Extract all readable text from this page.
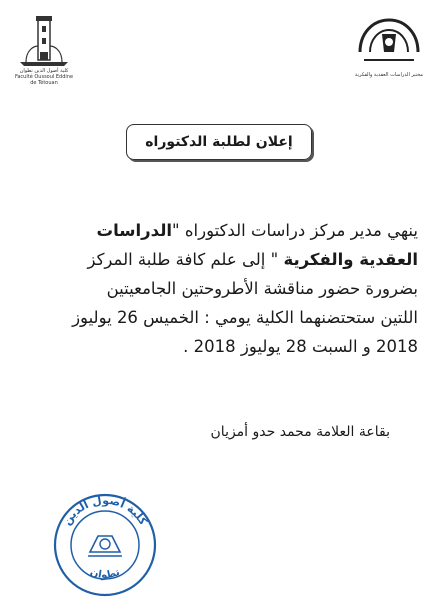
كلية أصول الدين تطوان
Faculté Oussoul Eddine de Tétouan
مختبر الدراسات العقدية والفكرية
إعلان لطلبة الدكتوراه
ينهي مدير مركز دراسات الدكتوراه "الدراسات
العقدية والفكرية " إلى علم كافة طلبة المركز
بضرورة حضور مناقشة الأطروحتين الجامعيتين
اللتين ستحتضنهما الكلية يومي : الخميس 26 يوليوز
2018 و السبت 28 يوليوز 2018 .
بقاعة العلامة محمد حدو أمزيان
كلية أصول الدين
تطوان
